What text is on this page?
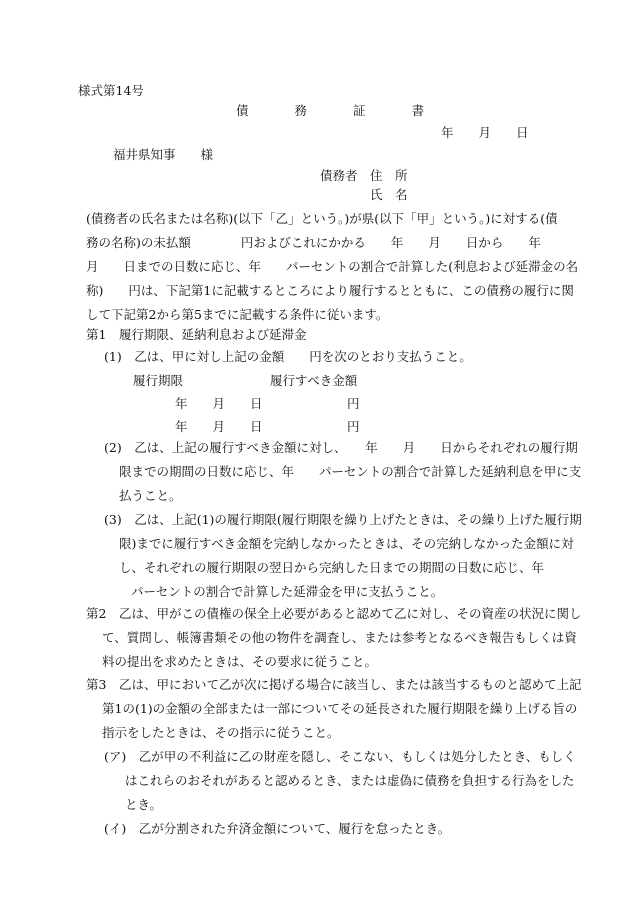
様式第14号
債	務	証	書
年　　月　　日
福井県知事　　様
債務者 住　所
氏　名
(債務者の氏名または名称)(以下「乙」という。)が県(以下「甲」という。)に対する(債
務の名称)の未払額　　　　円およびこれにかかる　　年　　月　　日から　　年
月　　日までの日数に応じ、年　　パーセントの割合で計算した(利息および延滞金の名
称)　　円は、下記第1に記載するところにより履行するとともに、この債務の履行に関
して下記第2から第5までに記載する条件に従います。
第1　履行期限、延納利息および延滞金
(1)　乙は、甲に対し上記の金額　　円を次のとおり支払うこと。
履行期限	履行すべき金額
年　　月　　日	円
年　　月　　日	円
(2)　乙は、上記の履行すべき金額に対し、　　年　　月　　日からそれぞれの履行期
限までの期間の日数に応じ、年　　パーセントの割合で計算した延納利息を甲に支
払うこと。
(3)　乙は、上記(1)の履行期限(履行期限を繰り上げたときは、その繰り上げた履行期
限)までに履行すべき金額を完納しなかったときは、その完納しなかった金額に対
し、それぞれの履行期限の翌日から完納した日までの期間の日数に応じ、年
パーセントの割合で計算した延滞金を甲に支払うこと。
第2　乙は、甲がこの債権の保全上必要があると認めて乙に対し、その資産の状況に関し
て、質問し、帳簿書類その他の物件を調査し、または参考となるべき報告もしくは資
料の提出を求めたときは、その要求に従うこと。
第3　乙は、甲において乙が次に掲げる場合に該当し、または該当するものと認めて上記
第1の(1)の金額の全部または一部についてその延長された履行期限を繰り上げる旨の
指示をしたときは、その指示に従うこと。
(ア)　乙が甲の不利益に乙の財産を隠し、そこない、もしくは処分したとき、もしく
はこれらのおそれがあると認めるとき、または虚偽に債務を負担する行為をした
とき。
(イ)　乙が分割された弁済金額について、履行を怠ったとき。
